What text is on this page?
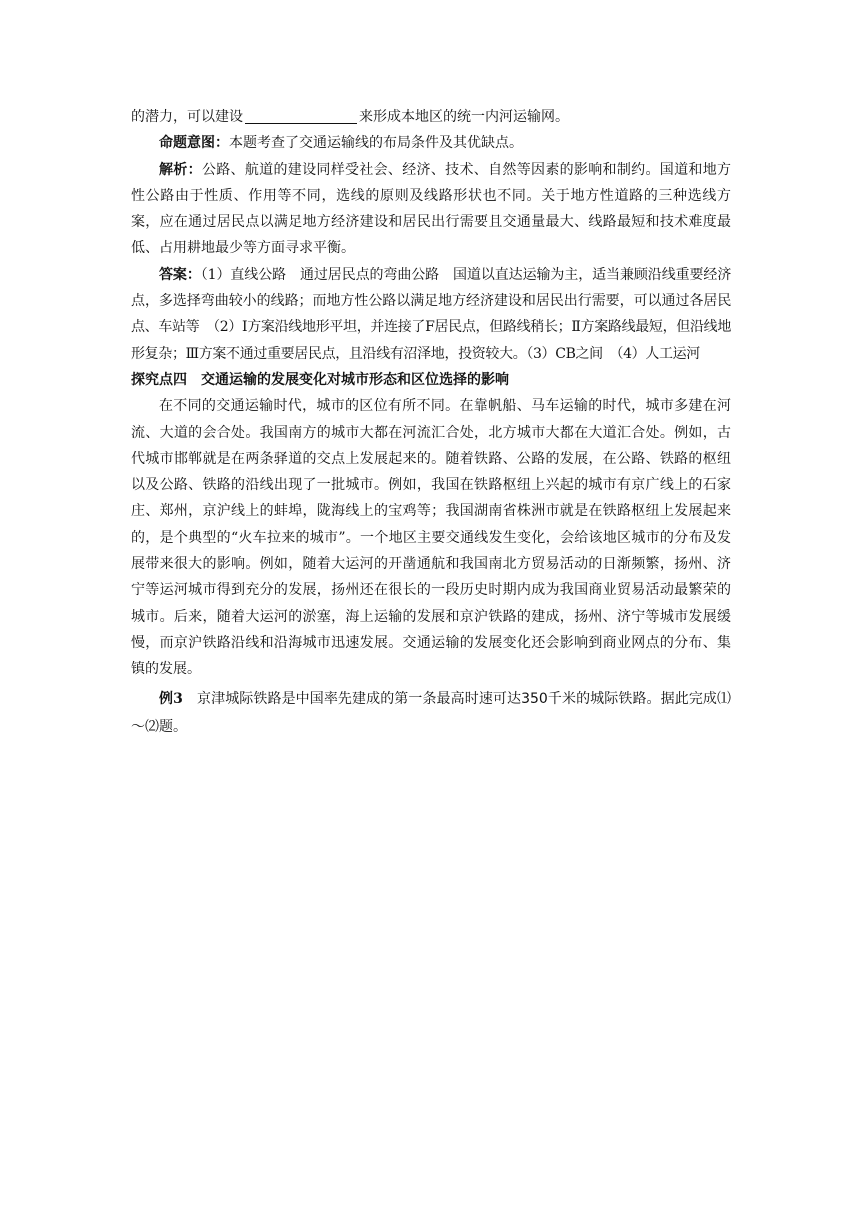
的潜力，可以建设	来形成本地区的统一内河运输网。

命题意图：本题考查了交通运输线的布局条件及其优缺点。

解析：公路、航道的建设同样受社会、经济、技术、自然等因素的影响和制约。国道和地方性公路由于性质、作用等不同，选线的原则及线路形状也不同。关于地方性道路的三种选线方案，应在通过居民点以满足地方经济建设和居民出行需要且交通量最大、线路最短和技术难度最低、占用耕地最少等方面寻求平衡。

答案：（1）直线公路　通过居民点的弯曲公路　国道以直达运输为主，适当兼顾沿线重要经济点，多选择弯曲较小的线路；而地方性公路以满足地方经济建设和居民出行需要，可以通过各居民点、车站等　（2）Ⅰ方案沿线地形平坦，并连接了F居民点，但路线稍长；Ⅱ方案路线最短，但沿线地形复杂；Ⅲ方案不通过重要居民点，且沿线有沼泽地，投资较大。（3）CB之间　（4）人工运河

探究点四　交通运输的发展变化对城市形态和区位选择的影响

在不同的交通运输时代，城市的区位有所不同。在靠帆船、马车运输的时代，城市多建在河流、大道的会合处。我国南方的城市大都在河流汇合处，北方城市大都在大道汇合处。例如，古代城市邯郸就是在两条驿道的交点上发展起来的。随着铁路、公路的发展，在公路、铁路的枢纽以及公路、铁路的沿线出现了一批城市。例如，我国在铁路枢纽上兴起的城市有京广线上的石家庄、郑州，京沪线上的蚌埠，陇海线上的宝鸡等；我国湖南省株洲市就是在铁路枢纽上发展起来的，是个典型的“火车拉来的城市”。一个地区主要交通线发生变化，会给该地区城市的分布及发展带来很大的影响。例如，随着大运河的开凿通航和我国南北方贸易活动的日渐频繁，扬州、济宁等运河城市得到充分的发展，扬州还在很长的一段历史时期内成为我国商业贸易活动最繁荣的城市。后来，随着大运河的淤塞，海上运输的发展和京沪铁路的建成，扬州、济宁等城市发展缓慢，而京沪铁路沿线和沿海城市迅速发展。交通运输的发展变化还会影响到商业网点的分布、集镇的发展。

例3　 京津城际铁路是中国率先建成的第一条最高时速可达350千米的城际铁路。据此完成⑴～⑵题。
